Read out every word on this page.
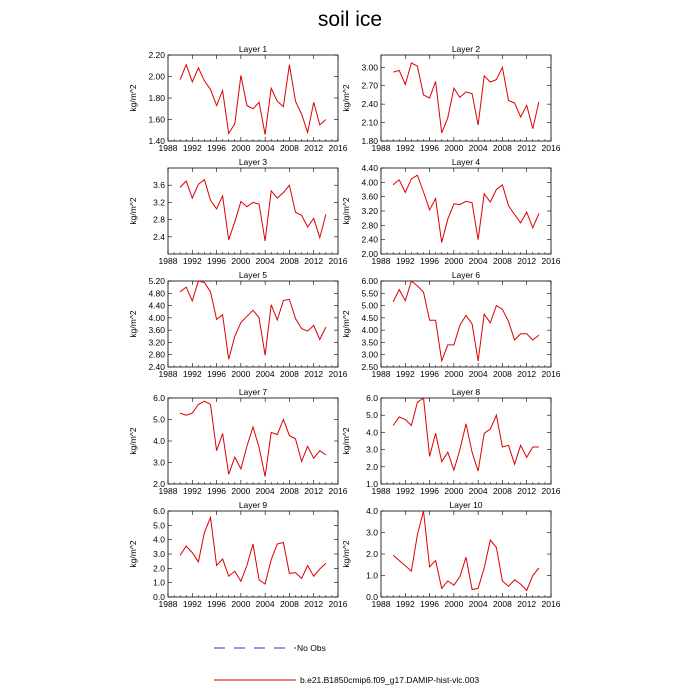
soil ice
Layer 1
1988 1992 1996 2000 2004 2008 2012 2016
1.40
1.60
1.80
2.00
2.20
kg/m^2
Layer 2
1988 1992 1996 2000 2004 2008 2012 2016
1.80
2.10
2.40
2.70
3.00
kg/m^2
Layer 3
1988 1992 1996 2000 2004 2008 2012 2016
2.4
2.8
3.2
3.6
kg/m^2
Layer 4
1988 1992 1996 2000 2004 2008 2012 2016
2.00
2.40
2.80
3.20
3.60
4.00
4.40
kg/m^2
Layer 5
1988 1992 1996 2000 2004 2008 2012 2016
2.40
2.80
3.20
3.60
4.00
4.40
4.80
5.20
kg/m^2
Layer 6
1988 1992 1996 2000 2004 2008 2012 2016
2.50
3.00
3.50
4.00
4.50
5.00
5.50
6.00
kg/m^2
Layer 7
1988 1992 1996 2000 2004 2008 2012 2016
2.0
3.0
4.0
5.0
6.0
kg/m^2
Layer 8
1988 1992 1996 2000 2004 2008 2012 2016
1.0
2.0
3.0
4.0
5.0
6.0
kg/m^2
Layer 9
1988 1992 1996 2000 2004 2008 2012 2016
0.0
1.0
2.0
3.0
4.0
5.0
6.0
kg/m^2
Layer 10
1988 1992 1996 2000 2004 2008 2012 2016
0.0
1.0
2.0
3.0
4.0
kg/m^2
No Obs
b.e21.B1850cmip6.f09_g17.DAMIP-hist-vlc.003
